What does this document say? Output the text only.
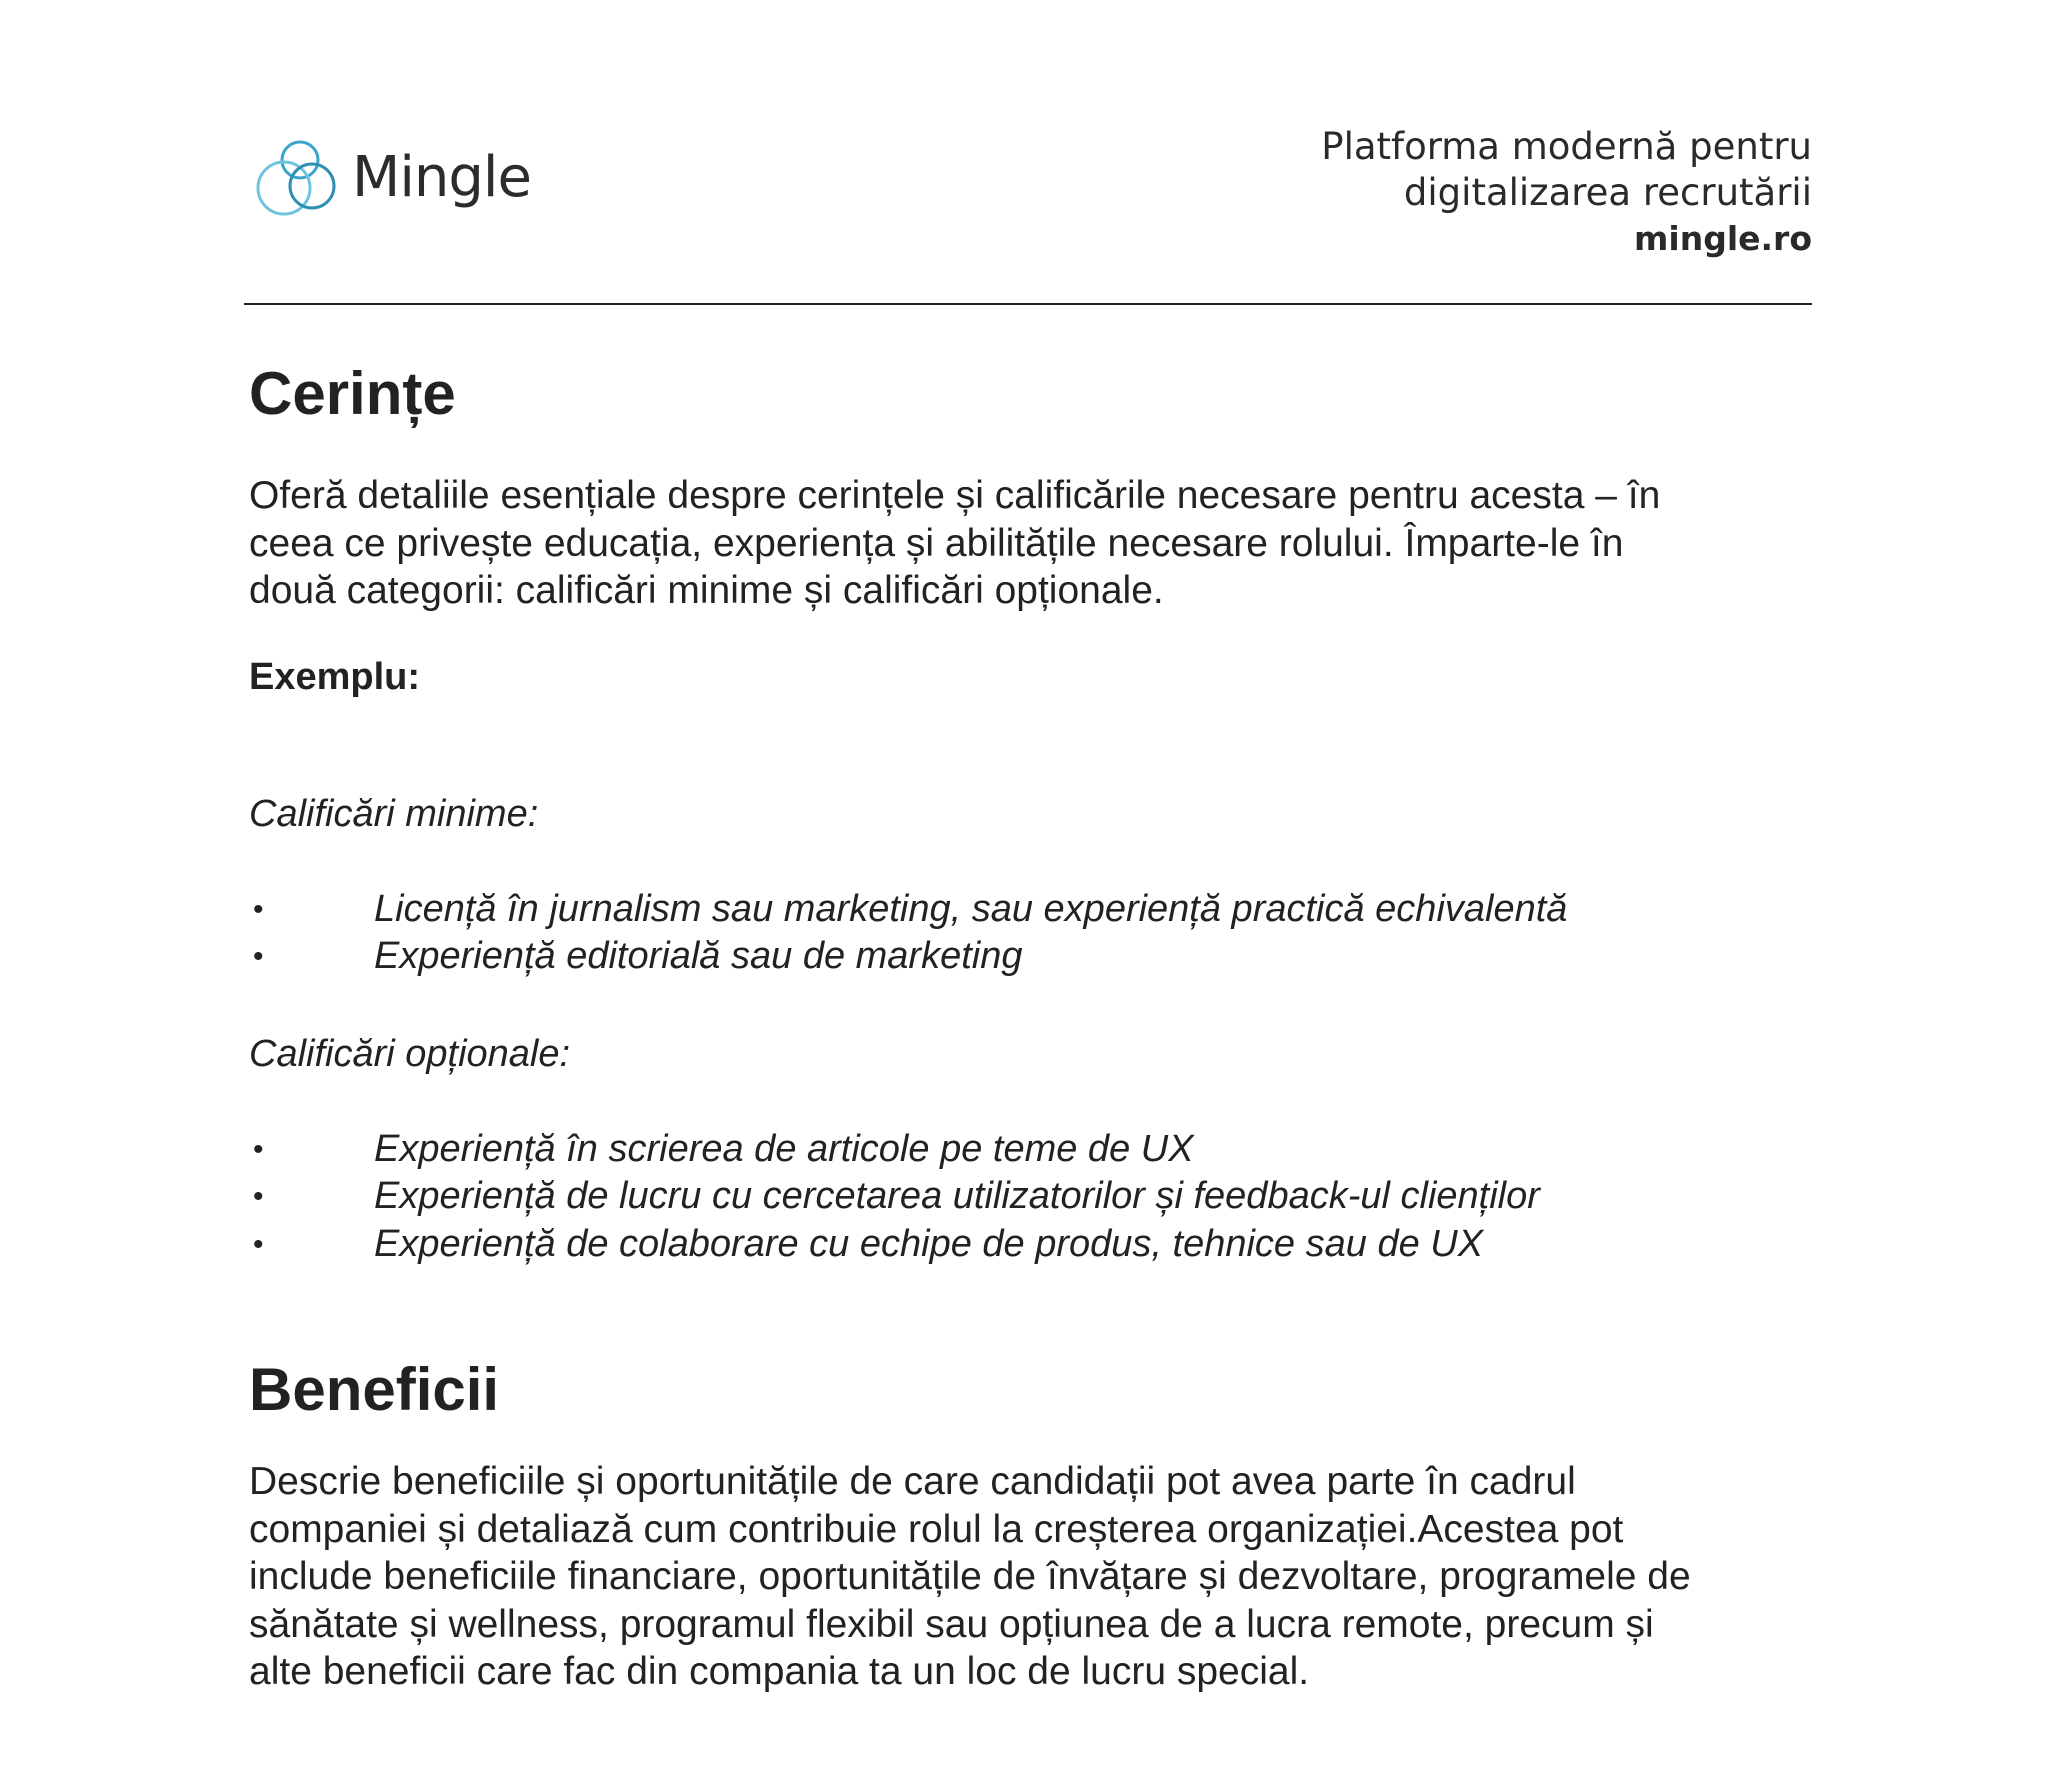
Mingle	Platforma modernă pentru
digitalizarea recrutării
mingle.ro
Cerințe

Oferă detaliile esențiale despre cerințele și calificările necesare pentru acesta – în
ceea ce privește educația, experiența și abilitățile necesare rolului. Împarte-le în
două categorii: calificări minime și calificări opționale.

Exemplu:
Calificări minime:
•	Licență în jurnalism sau marketing, sau experiență practică echivalentă
•	Experiență editorială sau de marketing
Calificări opționale:
•	Experiență în scrierea de articole pe teme de UX
•	Experiență de lucru cu cercetarea utilizatorilor și feedback-ul clienților
•	Experiență de colaborare cu echipe de produs, tehnice sau de UX
Beneficii

Descrie beneficiile și oportunitățile de care candidații pot avea parte în cadrul
companiei și detaliază cum contribuie rolul la creșterea organizației.Acestea pot
include beneficiile financiare, oportunitățile de învățare și dezvoltare, programele de
sănătate și wellness, programul flexibil sau opțiunea de a lucra remote, precum și
alte beneficii care fac din compania ta un loc de lucru special.
